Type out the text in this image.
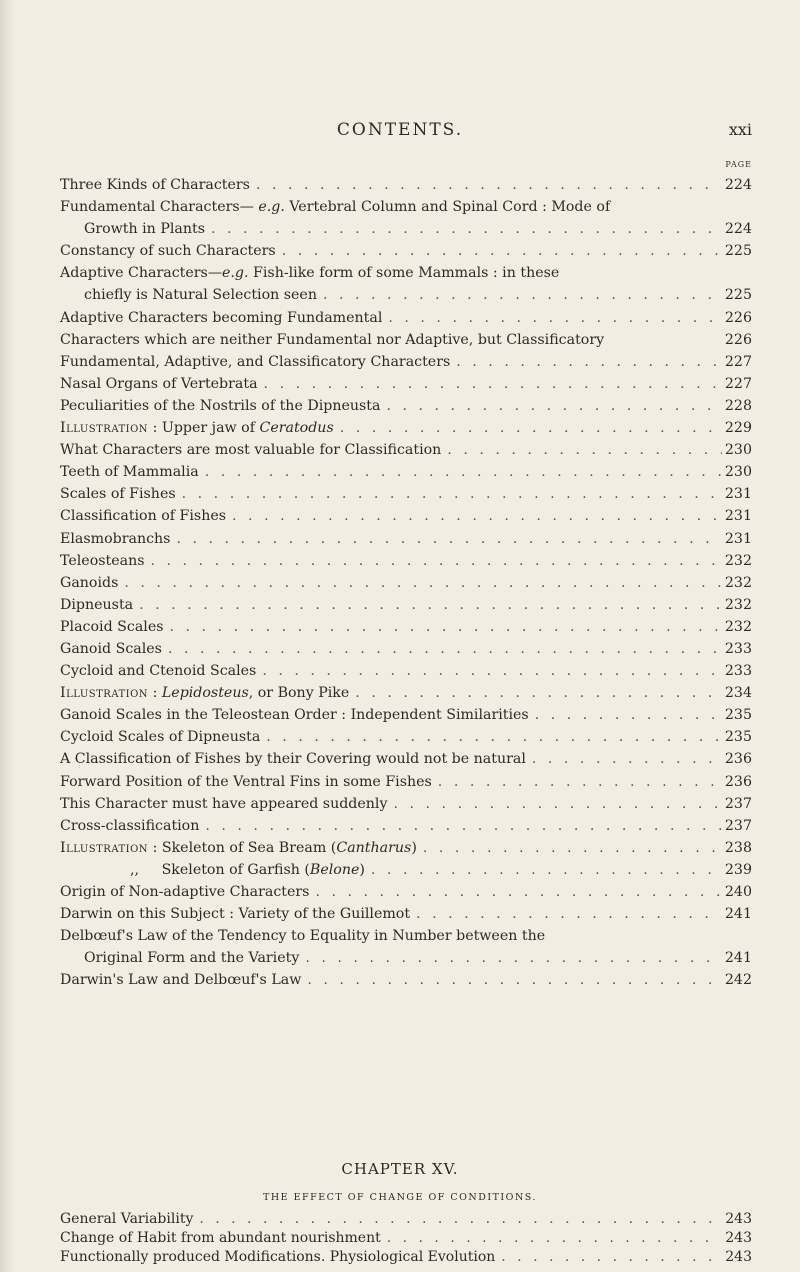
CONTENTS.	xxi
PAGE
Three Kinds of Characters . . .	224
Fundamental Characters— e.g. Vertebral Column and Spinal Cord : Mode of
Growth in Plants . . .	224
Constancy of such Characters . . .	225
Adaptive Characters—e.g. Fish-like form of some Mammals : in these
chiefly is Natural Selection seen . . .	225
Adaptive Characters becoming Fundamental . . .	226
Characters which are neither Fundamental nor Adaptive, but Classificatory	226
Fundamental, Adaptive, and Classificatory Characters . . .	227
Nasal Organs of Vertebrata . . .	227
Peculiarities of the Nostrils of the Dipneusta . . .	228
Illustration : Upper jaw of Ceratodus . . .	229
What Characters are most valuable for Classification . . .	230
Teeth of Mammalia . . .	230
Scales of Fishes . . .	231
Classification of Fishes . . .	231
Elasmobranchs . . .	231
Teleosteans . . .	232
Ganoids . . .	232
Dipneusta . . .	232
Placoid Scales . . .	232
Ganoid Scales . . .	233
Cycloid and Ctenoid Scales . . .	233
Illustration : Lepidosteus, or Bony Pike . . .	234
Ganoid Scales in the Teleostean Order : Independent Similarities . . .	235
Cycloid Scales of Dipneusta . . .	235
A Classification of Fishes by their Covering would not be natural . . .	236
Forward Position of the Ventral Fins in some Fishes . . .	236
This Character must have appeared suddenly . . .	237
Cross-classification . . .	237
Illustration : Skeleton of Sea Bream (Cantharus) . . .	238
,,     Skeleton of Garfish (Belone) . . .	239
Origin of Non-adaptive Characters . . .	240
Darwin on this Subject : Variety of the Guillemot . . .	241
Delbœuf's Law of the Tendency to Equality in Number between the
Original Form and the Variety . . .	241
Darwin's Law and Delbœuf's Law . . .	242
CHAPTER XV.
THE EFFECT OF CHANGE OF CONDITIONS.
General Variability . . .	243
Change of Habit from abundant nourishment . . .	243
Functionally produced Modifications. Physiological Evolution . . .	243
